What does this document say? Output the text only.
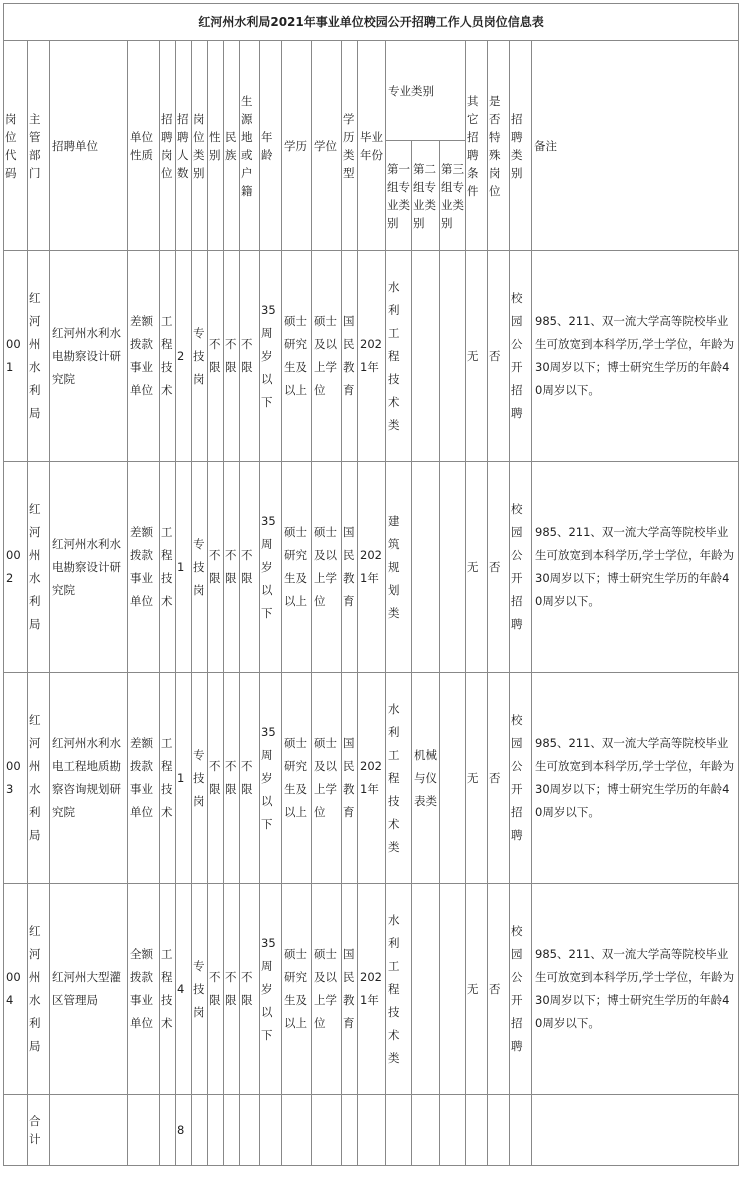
红河州水利局2021年事业单位校园公开招聘工作人员岗位信息表																					
岗位代码	主管部门	招聘单位	单位性质	招聘岗位	招聘人数	岗位类别	性别	民族	生源地或户籍	年龄	学历	学位	学历类型	毕业年份	专业类别			其它招聘条件	是否特殊岗位	招聘类别	备注
															第一组专业类别	第二组专业类别	第三组专业类别				
001	红河州水利局	红河州水利水电勘察设计研究院	差额拨款事业单位	工程技术	2	专技岗	不限	不限	不限	35周岁以下	硕士研究生及以上	硕士及以上学位	国民教育	2021年	水利工程技术类			无	否	校园公开招聘	985、211、双一流大学高等院校毕业生可放宽到本科学历,学士学位，年龄为30周岁以下；博士研究生学历的年龄40周岁以下。
002	红河州水利局	红河州水利水电勘察设计研究院	差额拨款事业单位	工程技术	1	专技岗	不限	不限	不限	35周岁以下	硕士研究生及以上	硕士及以上学位	国民教育	2021年	建筑规划类			无	否	校园公开招聘	985、211、双一流大学高等院校毕业生可放宽到本科学历,学士学位，年龄为30周岁以下；博士研究生学历的年龄40周岁以下。
003	红河州水利局	红河州水利水电工程地质勘察咨询规划研究院	差额拨款事业单位	工程技术	1	专技岗	不限	不限	不限	35周岁以下	硕士研究生及以上	硕士及以上学位	国民教育	2021年	水利工程技术类	机械与仪表类		无	否	校园公开招聘	985、211、双一流大学高等院校毕业生可放宽到本科学历,学士学位，年龄为30周岁以下；博士研究生学历的年龄40周岁以下。
004	红河州水利局	红河州大型灌区管理局	全额拨款事业单位	工程技术	4	专技岗	不限	不限	不限	35周岁以下	硕士研究生及以上	硕士及以上学位	国民教育	2021年	水利工程技术类			无	否	校园公开招聘	985、211、双一流大学高等院校毕业生可放宽到本科学历,学士学位，年龄为30周岁以下；博士研究生学历的年龄40周岁以下。
	合计				8																
